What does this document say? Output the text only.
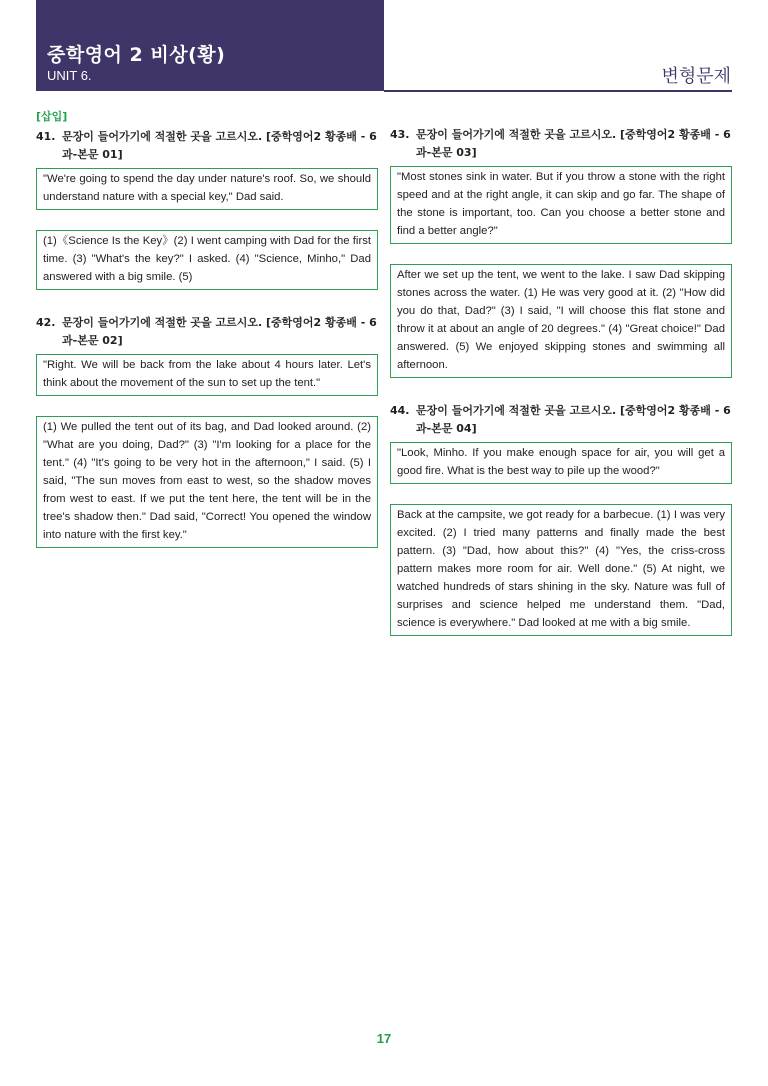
중학영어 2 비상(황)
UNIT 6.	변형문제
[삽입]
41. 문장이 들어가기에 적절한 곳을 고르시오. [중학영어2 황종배 - 6과-본문 01]
"We're going to spend the day under nature's roof. So, we should understand nature with a special key," Dad said.
(1)《Science Is the Key》(2) I went camping with Dad for the first time. (3) "What's the key?" I asked. (4) "Science, Minho," Dad answered with a big smile. (5)
42. 문장이 들어가기에 적절한 곳을 고르시오. [중학영어2 황종배 - 6과-본문 02]
"Right. We will be back from the lake about 4 hours later. Let's think about the movement of the sun to set up the tent."
(1) We pulled the tent out of its bag, and Dad looked around. (2) "What are you doing, Dad?" (3) "I'm looking for a place for the tent." (4) "It's going to be very hot in the afternoon," I said. (5) I said, "The sun moves from east to west, so the shadow moves from west to east. If we put the tent here, the tent will be in the tree's shadow then." Dad said, "Correct! You opened the window into nature with the first key."
43. 문장이 들어가기에 적절한 곳을 고르시오. [중학영어2 황종배 - 6과-본문 03]
"Most stones sink in water. But if you throw a stone with the right speed and at the right angle, it can skip and go far. The shape of the stone is important, too. Can you choose a better stone and find a better angle?"
After we set up the tent, we went to the lake. I saw Dad skipping stones across the water. (1) He was very good at it. (2) "How did you do that, Dad?" (3) I said, "I will choose this flat stone and throw it at about an angle of 20 degrees." (4) "Great choice!" Dad answered. (5) We enjoyed skipping stones and swimming all afternoon.
44. 문장이 들어가기에 적절한 곳을 고르시오. [중학영어2 황종배 - 6과-본문 04]
"Look, Minho. If you make enough space for air, you will get a good fire. What is the best way to pile up the wood?"
Back at the campsite, we got ready for a barbecue. (1) I was very excited. (2) I tried many patterns and finally made the best pattern. (3) "Dad, how about this?" (4) "Yes, the criss-cross pattern makes more room for air. Well done." (5) At night, we watched hundreds of stars shining in the sky. Nature was full of surprises and science helped me understand them. "Dad, science is everywhere." Dad looked at me with a big smile.
17
